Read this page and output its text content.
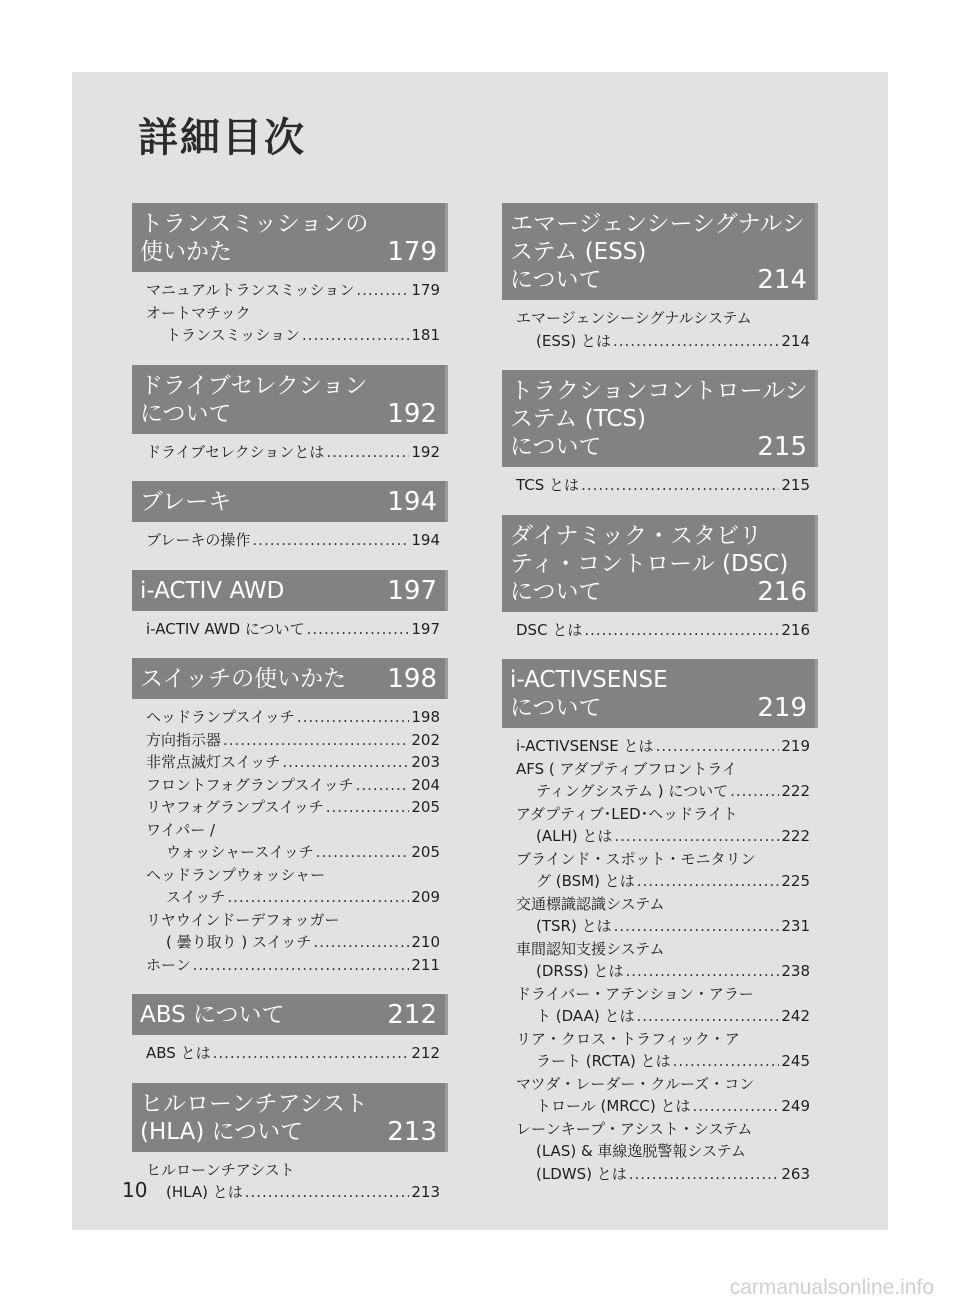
詳細目次
トランスミッションの
使いかた	179
マニュアルトランスミッション .....	179
オートマチック
トランスミッション .....	181
ドライブセレクション
について	192
ドライブセレクションとは .....	192
ブレーキ	194
ブレーキの操作 .....	194
i-ACTIV AWD	197
i-ACTIV AWD について .....	197
スイッチの使いかた	198
ヘッドランプスイッチ .....	198
方向指示器 .....	202
非常点滅灯スイッチ .....	203
フロントフォグランプスイッチ .....	204
リヤフォグランプスイッチ .....	205
ワイパー /
ウォッシャースイッチ .....	205
ヘッドランプウォッシャー
スイッチ .....	209
リヤウインドーデフォッガー
( 曇り取り ) スイッチ .....	210
ホーン .....	211
ABS について	212
ABS とは .....	212
ヒルローンチアシスト
(HLA) について	213
ヒルローンチアシスト
(HLA) とは .....	213
エマージェンシーシグナルシ
ステム (ESS)
について	214
エマージェンシーシグナルシステム
(ESS) とは .....	214
トラクションコントロールシ
ステム (TCS)
について	215
TCS とは .....	215
ダイナミック・スタビリ
ティ・コントロール (DSC)
について	216
DSC とは .....	216
i-ACTIVSENSE
について	219
i-ACTIVSENSE とは .....	219
AFS ( アダプティブフロントライ
ティングシステム ) について .....	222
アダプティブ･LED･ヘッドライト
(ALH) とは .....	222
ブラインド・スポット・モニタリン
グ (BSM) とは .....	225
交通標識認識システム
(TSR) とは .....	231
車間認知支援システム
(DRSS) とは .....	238
ドライバー・アテンション・アラー
ト (DAA) とは .....	242
リア・クロス・トラフィック・ア
ラート (RCTA) とは .....	245
マツダ・レーダー・クルーズ・コン
トロール (MRCC) とは .....	249
レーンキープ・アシスト・システム
(LAS) & 車線逸脱警報システム
(LDWS) とは .....	263
10
carmanualsonline.info
